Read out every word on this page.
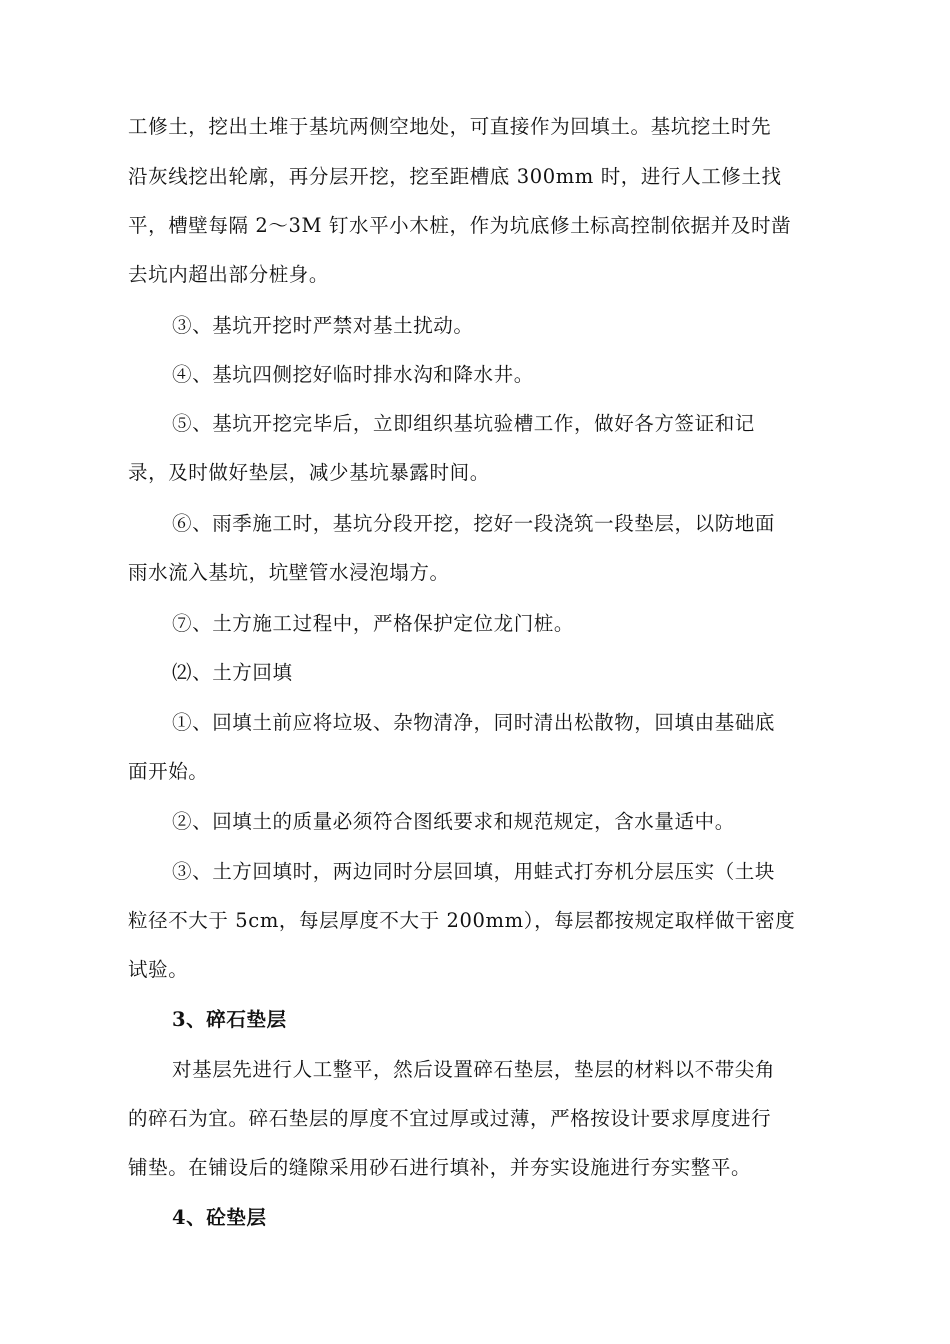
工修土，挖出土堆于基坑两侧空地处，可直接作为回填土。基坑挖土时先
沿灰线挖出轮廓，再分层开挖，挖至距槽底 300mm 时，进行人工修土找
平，槽壁每隔 2～3M 钉水平小木桩，作为坑底修土标高控制依据并及时凿
去坑内超出部分桩身。
③、基坑开挖时严禁对基土扰动。
④、基坑四侧挖好临时排水沟和降水井。
⑤、基坑开挖完毕后，立即组织基坑验槽工作，做好各方签证和记
录，及时做好垫层，减少基坑暴露时间。
⑥、雨季施工时，基坑分段开挖，挖好一段浇筑一段垫层，以防地面
雨水流入基坑，坑壁管水浸泡塌方。
⑦、土方施工过程中，严格保护定位龙门桩。
⑵、土方回填
①、回填土前应将垃圾、杂物清净，同时清出松散物，回填由基础底
面开始。
②、回填土的质量必须符合图纸要求和规范规定，含水量适中。
③、土方回填时，两边同时分层回填，用蛙式打夯机分层压实（土块
粒径不大于 5cm，每层厚度不大于 200mm），每层都按规定取样做干密度
试验。
3、碎石垫层
对基层先进行人工整平，然后设置碎石垫层，垫层的材料以不带尖角
的碎石为宜。碎石垫层的厚度不宜过厚或过薄，严格按设计要求厚度进行
铺垫。在铺设后的缝隙采用砂石进行填补，并夯实设施进行夯实整平。
4、砼垫层
